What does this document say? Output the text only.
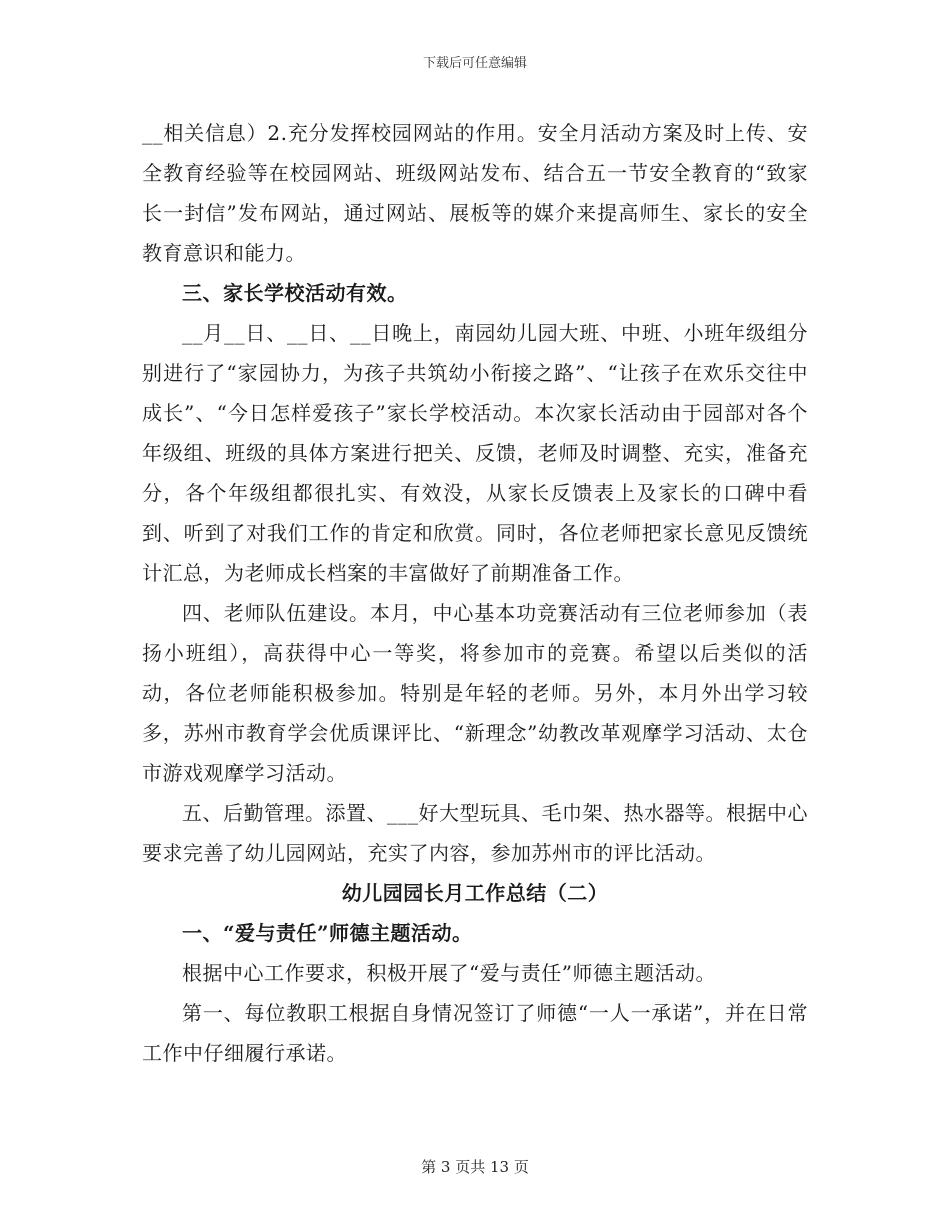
下载后可任意编辑

__相关信息）2.充分发挥校园网站的作用。安全月活动方案及时上传、安全教育经验等在校园网站、班级网站发布、结合五一节安全教育的“致家长一封信”发布网站，通过网站、展板等的媒介来提高师生、家长的安全教育意识和能力。

三、家长学校活动有效。

__月__日、__日、__日晚上，南园幼儿园大班、中班、小班年级组分别进行了“家园协力，为孩子共筑幼小衔接之路”、“让孩子在欢乐交往中成长”、“今日怎样爱孩子”家长学校活动。本次家长活动由于园部对各个年级组、班级的具体方案进行把关、反馈，老师及时调整、充实，准备充分，各个年级组都很扎实、有效没，从家长反馈表上及家长的口碑中看到、听到了对我们工作的肯定和欣赏。同时，各位老师把家长意见反馈统计汇总，为老师成长档案的丰富做好了前期准备工作。

四、老师队伍建设。本月，中心基本功竞赛活动有三位老师参加（表扬小班组），高获得中心一等奖，将参加市的竞赛。希望以后类似的活动，各位老师能积极参加。特别是年轻的老师。另外，本月外出学习较多，苏州市教育学会优质课评比、“新理念”幼教改革观摩学习活动、太仓市游戏观摩学习活动。

五、后勤管理。添置、___好大型玩具、毛巾架、热水器等。根据中心要求完善了幼儿园网站，充实了内容，参加苏州市的评比活动。

幼儿园园长月工作总结（二）

一、“爱与责任”师德主题活动。

根据中心工作要求，积极开展了“爱与责任”师德主题活动。

第一、每位教职工根据自身情况签订了师德“一人一承诺”，并在日常工作中仔细履行承诺。

第 3 页共 13 页
